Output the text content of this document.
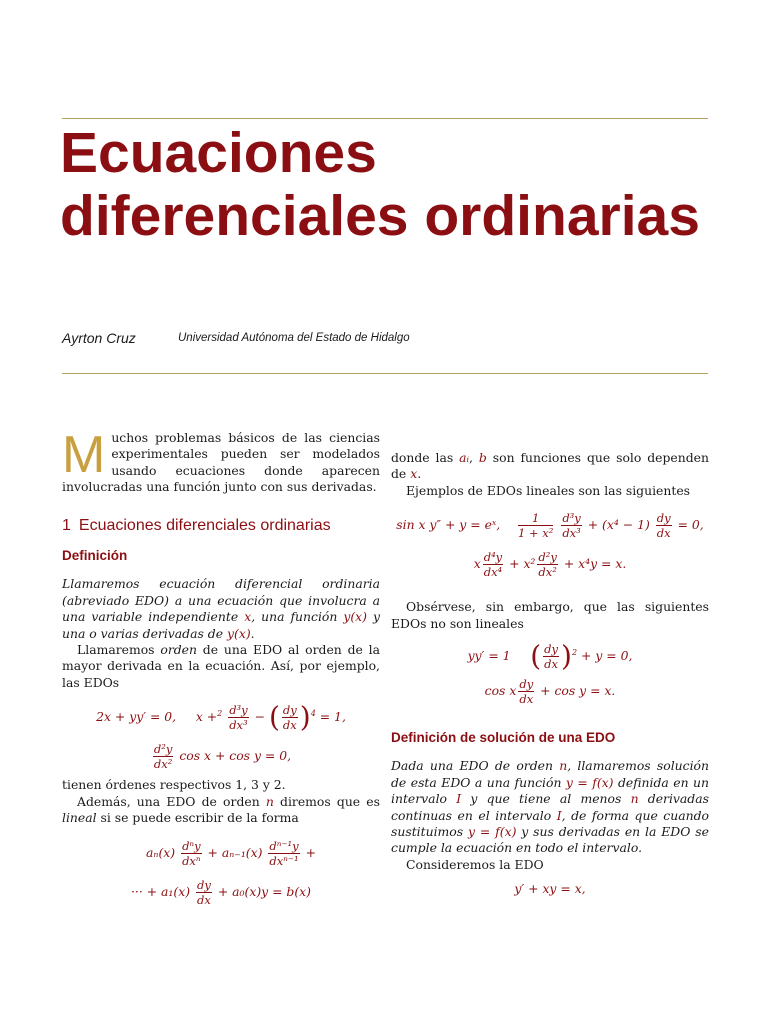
Ecuaciones diferenciales ordinarias
Ayrton Cruz	Universidad Autónoma del Estado de Hidalgo

Muchos problemas básicos de las ciencias experimentales pueden ser modelados usando ecuaciones donde aparecen involucradas una función junto con sus derivadas.

1 Ecuaciones diferenciales ordinarias
Definición

Llamaremos ecuación diferencial ordinaria (abreviado EDO) a una ecuación que involucra a una variable independiente x, una función y(x) y una o varias derivadas de y(x).

Llamaremos orden de una EDO al orden de la mayor derivada en la ecuación. Así, por ejemplo, las EDOs

2x + yy′ = 0, $x +^2 \frac{\text{d³y}}{\text{dx³}}$ − ( $\frac{dy}{dx} )^4 = 1$,
$\frac{\text{d²y}}{\text{dx²}}$ cos x + cos y = 0,

tienen órdenes respectivos 1, 3 y 2.

Además, una EDO de orden n diremos que es lineal si se puede escribir de la forma

$a_n(x) \frac{\text{dⁿy}}{\text{dxⁿ}} + a_{n-1}(x) \frac{\text{dⁿ⁻¹y}}{\text{dxⁿ⁻¹}}$ +
··· + $a_1(x) \frac{dy}{dx} + a_0(x)y = b(x)$

donde las aᵢ, b son funciones que solo dependen de x.

Ejemplos de EDOs lineales son las siguientes

sin x y″ + y = eˣ, $\frac{1}{\text{1 + x²}}$
$\frac{\text{d³y}}{\text{dx³}} + (x^4 - 1) \frac{dy}{dx} = 0$,
x $\frac{\text{d⁴y}}{\text{dx⁴}} + x^2 \frac{\text{d²y}}{\text{dx²}} + x^4y = x$.

Obsérvese, sin embargo, que las siguientes EDOs no son lineales

yy′ = 1 ( $\frac{dy}{dx} )^2 + y = 0$,
cos x $\frac{dy}{dx} + \cos y = x$.
Definición de solución de una EDO

Dada una EDO de orden n, llamaremos solución de esta EDO a una función y = f(x) definida en un intervalo I y que tiene al menos n derivadas continuas en el intervalo I, de forma que cuando sustituimos y = f(x) y sus derivadas en la EDO se cumple la ecuación en todo el intervalo.

Consideremos la EDO

y′ + xy = x,
